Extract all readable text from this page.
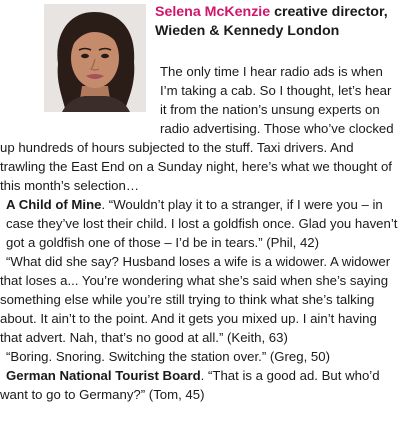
Selena McKenzie creative director, Wieden & Kennedy London

The only time I hear radio ads is when I’m taking a cab. So I thought, let’s hear it from the nation’s unsung experts on radio advertising. Those who’ve clocked up hundreds of hours subjected to the stuff. Taxi drivers. And trawling the East End on a Sunday night, here’s what we thought of this month’s selection…

A Child of Mine. “Wouldn’t play it to a stranger, if I were you – in case they’ve lost their child. I lost a goldfish once. Glad you haven’t got a goldfish one of those – I’d be in tears.” (Phil, 42)

“What did she say? Husband loses a wife is a widower. A widower that loses a... You’re wondering what she’s said when she’s saying something else while you’re still trying to think what she’s talking about. It ain’t to the point. And it gets you mixed up. I ain’t having that advert. Nah, that’s no good at all.” (Keith, 63)

“Boring. Snoring. Switching the station over.” (Greg, 50)

German National Tourist Board. “That is a good ad. But who’d want to go to Germany?” (Tom, 45)
